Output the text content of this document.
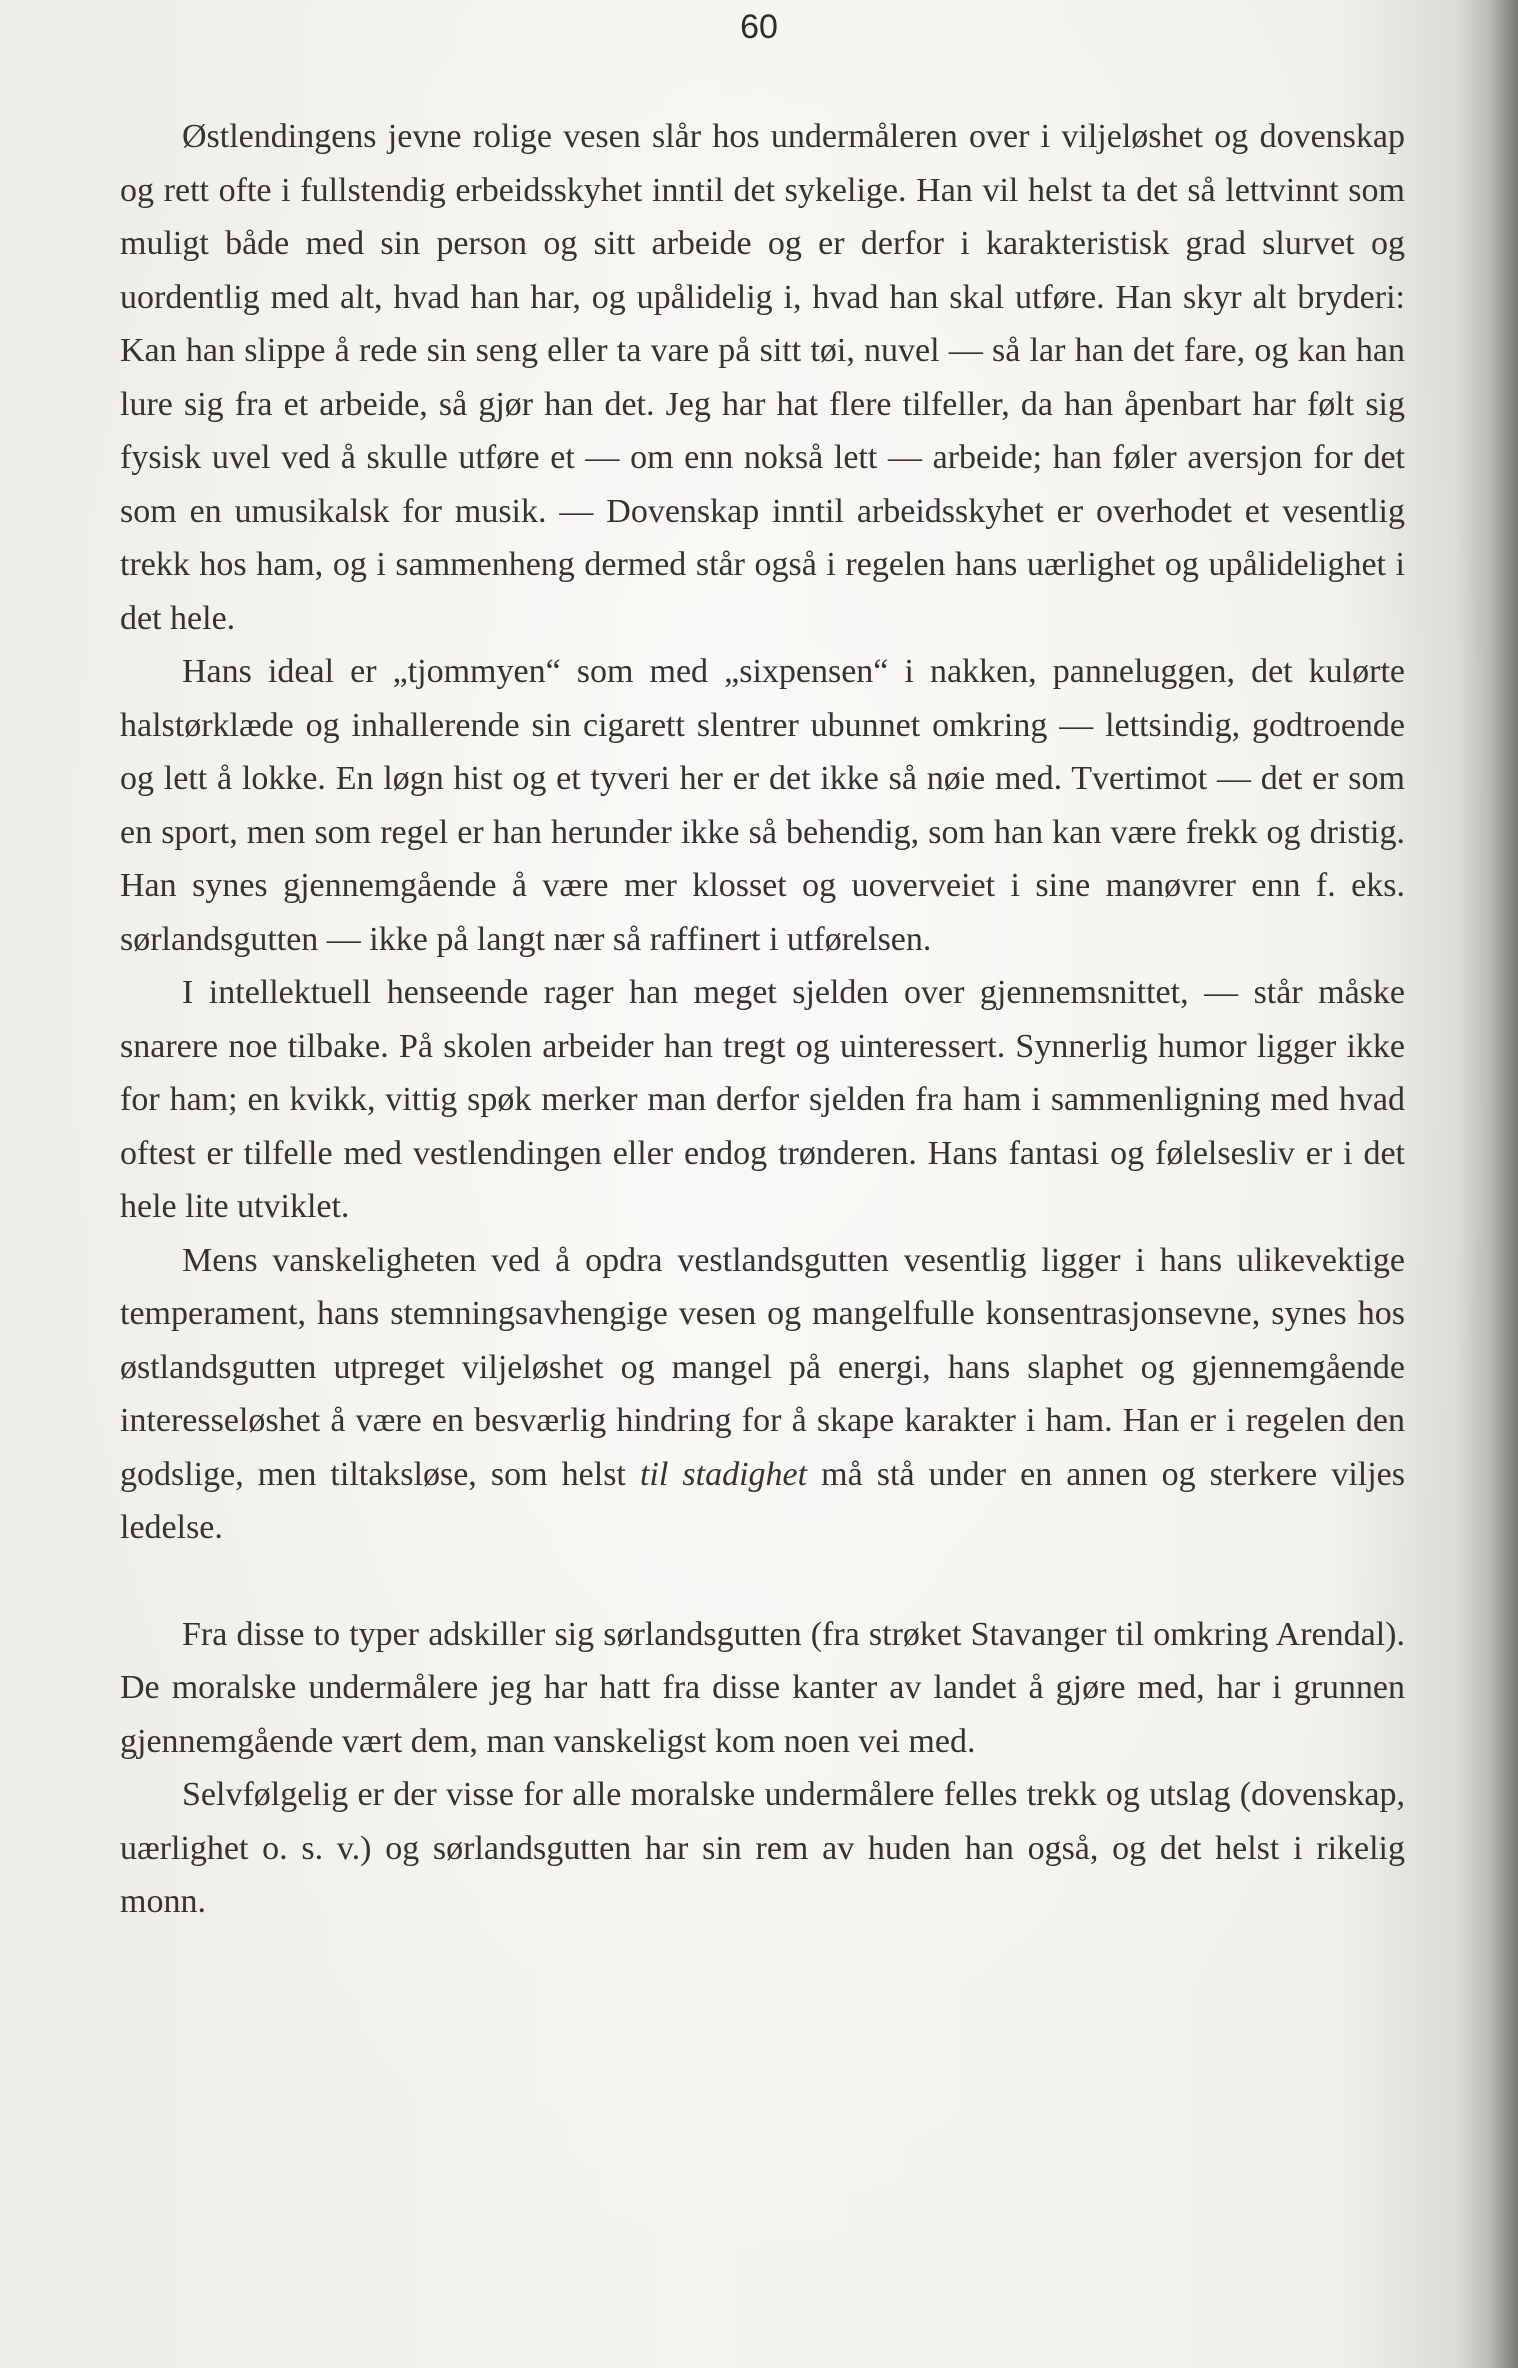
60

Østlendingens jevne rolige vesen slår hos undermåleren over i viljeløshet og dovenskap og rett ofte i fullstendig erbeidsskyhet inntil det sykelige. Han vil helst ta det så lettvinnt som muligt både med sin person og sitt arbeide og er derfor i karakteristisk grad slurvet og uordentlig med alt, hvad han har, og upålidelig i, hvad han skal utføre. Han skyr alt bryderi: Kan han slippe å rede sin seng eller ta vare på sitt tøi, nuvel — så lar han det fare, og kan han lure sig fra et arbeide, så gjør han det. Jeg har hat flere tilfeller, da han åpenbart har følt sig fysisk uvel ved å skulle utføre et — om enn nokså lett — arbeide; han føler aversjon for det som en umusikalsk for musik. — Dovenskap inntil arbeidsskyhet er overhodet et vesentlig trekk hos ham, og i sammenheng dermed står også i regelen hans uærlighet og upålidelighet i det hele.

Hans ideal er „tjommyen“ som med „sixpensen“ i nakken, panneluggen, det kulørte halstørklæde og inhallerende sin cigarett slentrer ubunnet omkring — lettsindig, godtroende og lett å lokke. En løgn hist og et tyveri her er det ikke så nøie med. Tvertimot — det er som en sport, men som regel er han herunder ikke så behendig, som han kan være frekk og dristig. Han synes gjennemgående å være mer klosset og uoverveiet i sine manøvrer enn f. eks. sørlandsgutten — ikke på langt nær så raffinert i utførelsen.

I intellektuell henseende rager han meget sjelden over gjennemsnittet, — står måske snarere noe tilbake. På skolen arbeider han tregt og uinteressert. Synnerlig humor ligger ikke for ham; en kvikk, vittig spøk merker man derfor sjelden fra ham i sammenligning med hvad oftest er tilfelle med vestlendingen eller endog trønderen. Hans fantasi og følelsesliv er i det hele lite utviklet.

Mens vanskeligheten ved å opdra vestlandsgutten vesentlig ligger i hans ulikevektige temperament, hans stemningsavhengige vesen og mangelfulle konsentrasjonsevne, synes hos østlandsgutten utpreget viljeløshet og mangel på energi, hans slaphet og gjennemgående interesseløshet å være en besværlig hindring for å skape karakter i ham. Han er i regelen den godslige, men tiltaksløse, som helst til stadighet må stå under en annen og sterkere viljes ledelse.

Fra disse to typer adskiller sig sørlandsgutten (fra strøket Stavanger til omkring Arendal). De moralske undermålere jeg har hatt fra disse kanter av landet å gjøre med, har i grunnen gjennemgående vært dem, man vanskeligst kom noen vei med.

Selvfølgelig er der visse for alle moralske undermålere felles trekk og utslag (dovenskap, uærlighet o. s. v.) og sørlandsgutten har sin rem av huden han også, og det helst i rikelig monn.
